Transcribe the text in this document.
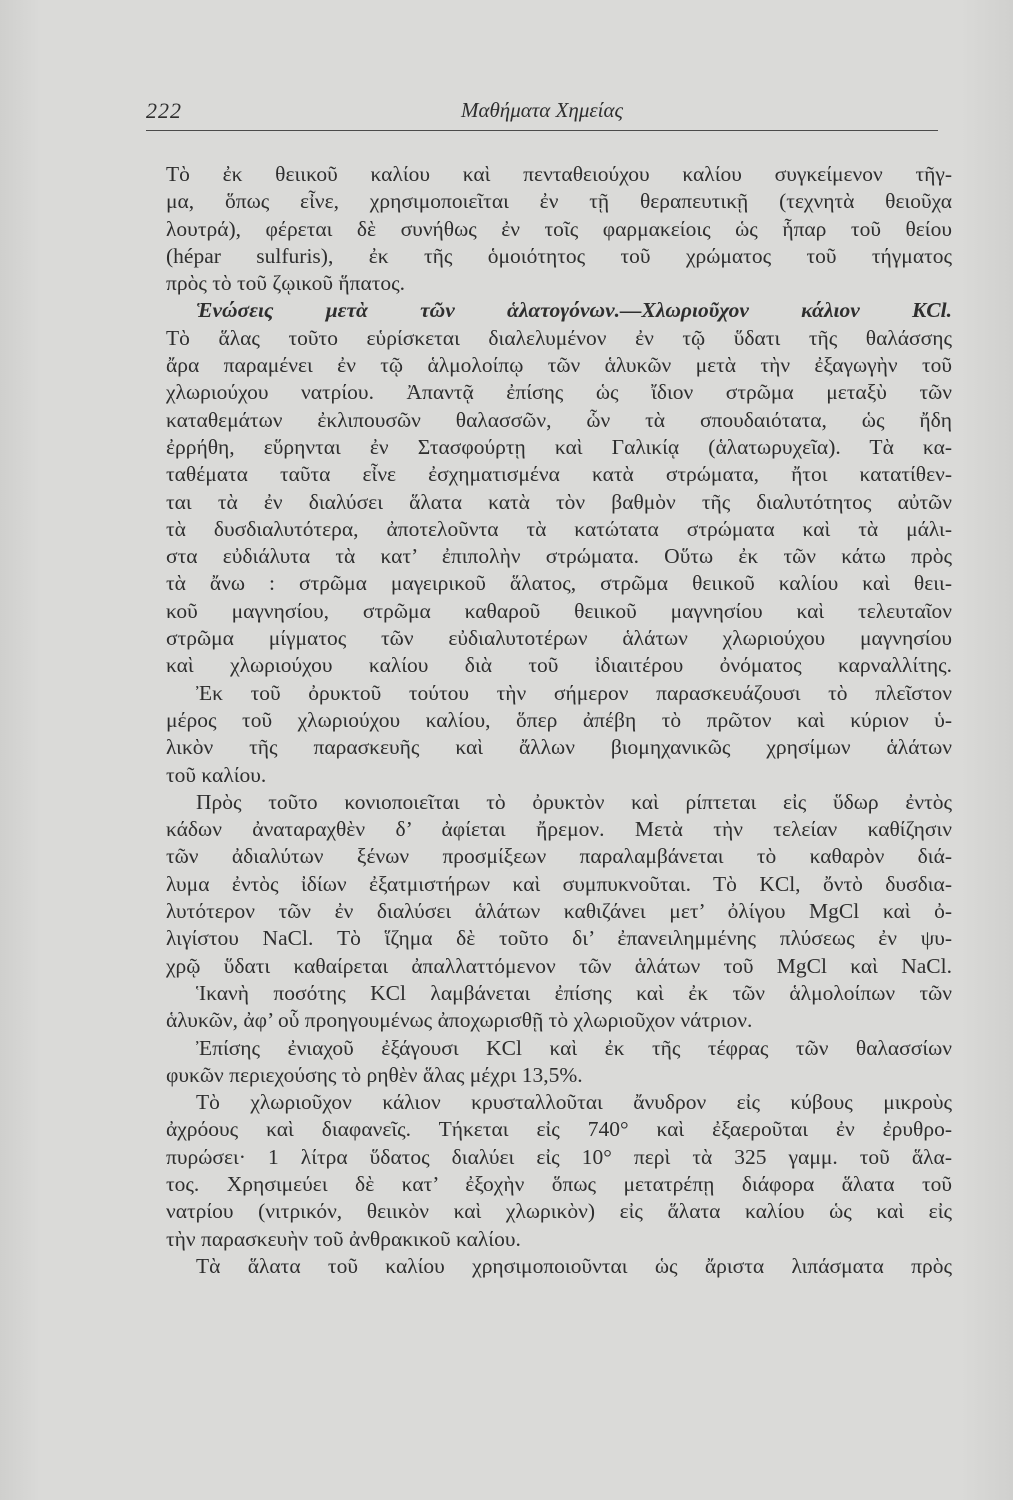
222	Μαθήματα Χημείας
Τὸ ἐκ θειικοῦ καλίου καὶ πενταθειούχου καλίου συγκείμενον τῆγ-
μα, ὅπως εἶνε, χρησιμοποιεῖται ἐν τῇ θεραπευτικῇ (τεχνητὰ θειοῦχα
λουτρά), φέρεται δὲ συνήθως ἐν τοῖς φαρμακείοις ὡς ἧπαρ τοῦ θείου
(hépar sulfuris), ἐκ τῆς ὁμοιότητος τοῦ χρώματος τοῦ τήγματος
πρὸς τὸ τοῦ ζῳικοῦ ἥπατος.
Ἑνώσεις μετὰ τῶν ἁλατογόνων.—Χλωριοῦχον κάλιον KCl.
Τὸ ἅλας τοῦτο εὑρίσκεται διαλελυμένον ἐν τῷ ὕδατι τῆς θαλάσσης
ἄρα παραμένει ἐν τῷ ἁλμολοίπῳ τῶν ἁλυκῶν μετὰ τὴν ἐξαγωγὴν τοῦ
χλωριούχου νατρίου. Ἀπαντᾷ ἐπίσης ὡς ἴδιον στρῶμα μεταξὺ τῶν
καταθεμάτων ἐκλιπουσῶν θαλασσῶν, ὧν τὰ σπουδαιότατα, ὡς ἤδη
ἐρρήθη, εὕρηνται ἐν Στασφούρτῃ καὶ Γαλικίᾳ (ἁλατωρυχεῖα). Τὰ κα-
ταθέματα ταῦτα εἶνε ἐσχηματισμένα κατὰ στρώματα, ἤτοι κατατίθεν-
ται τὰ ἐν διαλύσει ἅλατα κατὰ τὸν βαθμὸν τῆς διαλυτότητος αὐτῶν
τὰ δυσδιαλυτότερα, ἀποτελοῦντα τὰ κατώτατα στρώματα καὶ τὰ μάλι-
στα εὐδιάλυτα τὰ κατ’ ἐπιπολὴν στρώματα. Οὕτω ἐκ τῶν κάτω πρὸς
τὰ ἄνω : στρῶμα μαγειρικοῦ ἅλατος, στρῶμα θειικοῦ καλίου καὶ θειι-
κοῦ μαγνησίου, στρῶμα καθαροῦ θειικοῦ μαγνησίου καὶ τελευταῖον
στρῶμα μίγματος τῶν εὐδιαλυτοτέρων ἁλάτων χλωριούχου μαγνησίου
καὶ χλωριούχου καλίου διὰ τοῦ ἰδιαιτέρου ὀνόματος καρναλλίτης.
Ἐκ τοῦ ὀρυκτοῦ τούτου τὴν σήμερον παρασκευάζουσι τὸ πλεῖστον
μέρος τοῦ χλωριούχου καλίου, ὅπερ ἀπέβη τὸ πρῶτον καὶ κύριον ὑ-
λικὸν τῆς παρασκευῆς καὶ ἄλλων βιομηχανικῶς χρησίμων ἁλάτων
τοῦ καλίου.
Πρὸς τοῦτο κονιοποιεῖται τὸ ὀρυκτὸν καὶ ρίπτεται εἰς ὕδωρ ἐντὸς
κάδων ἀναταραχθὲν δ’ ἀφίεται ἤρεμον. Μετὰ τὴν τελείαν καθίζησιν
τῶν ἀδιαλύτων ξένων προσμίξεων παραλαμβάνεται τὸ καθαρὸν διά-
λυμα ἐντὸς ἰδίων ἐξατμιστήρων καὶ συμπυκνοῦται. Τὸ KCl, ὄντὸ δυσδια-
λυτότερον τῶν ἐν διαλύσει ἁλάτων καθιζάνει μετ’ ὀλίγου MgCl καὶ ὀ-
λιγίστου NaCl. Τὸ ἵζημα δὲ τοῦτο δι’ ἐπανειλημμένης πλύσεως ἐν ψυ-
χρῷ ὕδατι καθαίρεται ἀπαλλαττόμενον τῶν ἁλάτων τοῦ MgCl καὶ NaCl.
Ἱκανὴ ποσότης KCl λαμβάνεται ἐπίσης καὶ ἐκ τῶν ἁλμολοίπων τῶν
ἁλυκῶν, ἀφ’ οὗ προηγουμένως ἀποχωρισθῇ τὸ χλωριοῦχον νάτριον.
Ἐπίσης ἐνιαχοῦ ἐξάγουσι KCl καὶ ἐκ τῆς τέφρας τῶν θαλασσίων
φυκῶν περιεχούσης τὸ ρηθὲν ἅλας μέχρι 13,5%.
Τὸ χλωριοῦχον κάλιον κρυσταλλοῦται ἄνυδρον εἰς κύβους μικροὺς
ἀχρόους καὶ διαφανεῖς. Τήκεται εἰς 740° καὶ ἐξαεροῦται ἐν ἐρυθρο-
πυρώσει· 1 λίτρα ὕδατος διαλύει εἰς 10° περὶ τὰ 325 γαμμ. τοῦ ἅλα-
τος. Χρησιμεύει δὲ κατ’ ἐξοχὴν ὅπως μετατρέπῃ διάφορα ἅλατα τοῦ
νατρίου (νιτρικόν, θειικὸν καὶ χλωρικὸν) εἰς ἅλατα καλίου ὡς καὶ εἰς
τὴν παρασκευὴν τοῦ ἀνθρακικοῦ καλίου.
Τὰ ἅλατα τοῦ καλίου χρησιμοποιοῦνται ὡς ἄριστα λιπάσματα πρὸς
